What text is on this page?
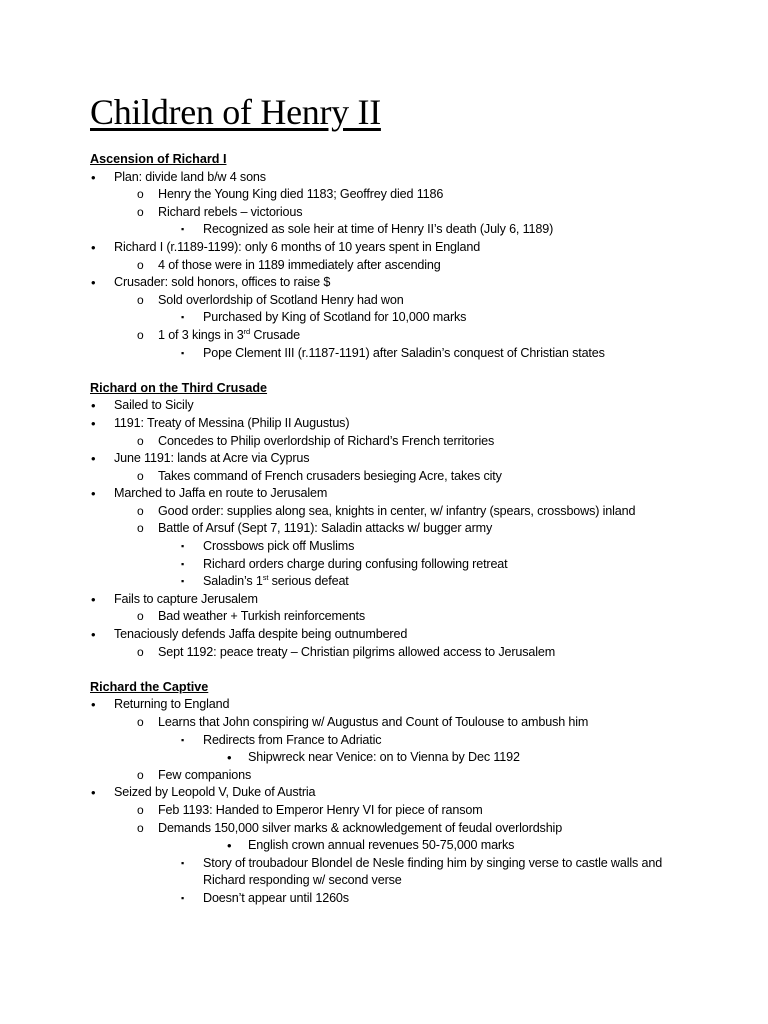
Children of Henry II
Ascension of Richard I
• Plan: divide land b/w 4 sons
o Henry the Young King died 1183; Geoffrey died 1186
o Richard rebels – victorious
▪ Recognized as sole heir at time of Henry II’s death (July 6, 1189)
• Richard I (r.1189-1199): only 6 months of 10 years spent in England
o 4 of those were in 1189 immediately after ascending
• Crusader: sold honors, offices to raise $
o Sold overlordship of Scotland Henry had won
▪ Purchased by King of Scotland for 10,000 marks
o 1 of 3 kings in 3rd Crusade
▪ Pope Clement III (r.1187-1191) after Saladin’s conquest of Christian states
Richard on the Third Crusade
• Sailed to Sicily
• 1191: Treaty of Messina (Philip II Augustus)
o Concedes to Philip overlordship of Richard’s French territories
• June 1191: lands at Acre via Cyprus
o Takes command of French crusaders besieging Acre, takes city
• Marched to Jaffa en route to Jerusalem
o Good order: supplies along sea, knights in center, w/ infantry (spears, crossbows) inland
o Battle of Arsuf (Sept 7, 1191): Saladin attacks w/ bugger army
▪ Crossbows pick off Muslims
▪ Richard orders charge during confusing following retreat
▪ Saladin’s 1st serious defeat
• Fails to capture Jerusalem
o Bad weather + Turkish reinforcements
• Tenaciously defends Jaffa despite being outnumbered
o Sept 1192: peace treaty – Christian pilgrims allowed access to Jerusalem
Richard the Captive
• Returning to England
o Learns that John conspiring w/ Augustus and Count of Toulouse to ambush him
▪ Redirects from France to Adriatic
• Shipwreck near Venice: on to Vienna by Dec 1192
o Few companions
• Seized by Leopold V, Duke of Austria
o Feb 1193: Handed to Emperor Henry VI for piece of ransom
o Demands 150,000 silver marks & acknowledgement of feudal overlordship
• English crown annual revenues 50-75,000 marks
▪ Story of troubadour Blondel de Nesle finding him by singing verse to castle walls and
Richard responding w/ second verse
▪ Doesn’t appear until 1260s
